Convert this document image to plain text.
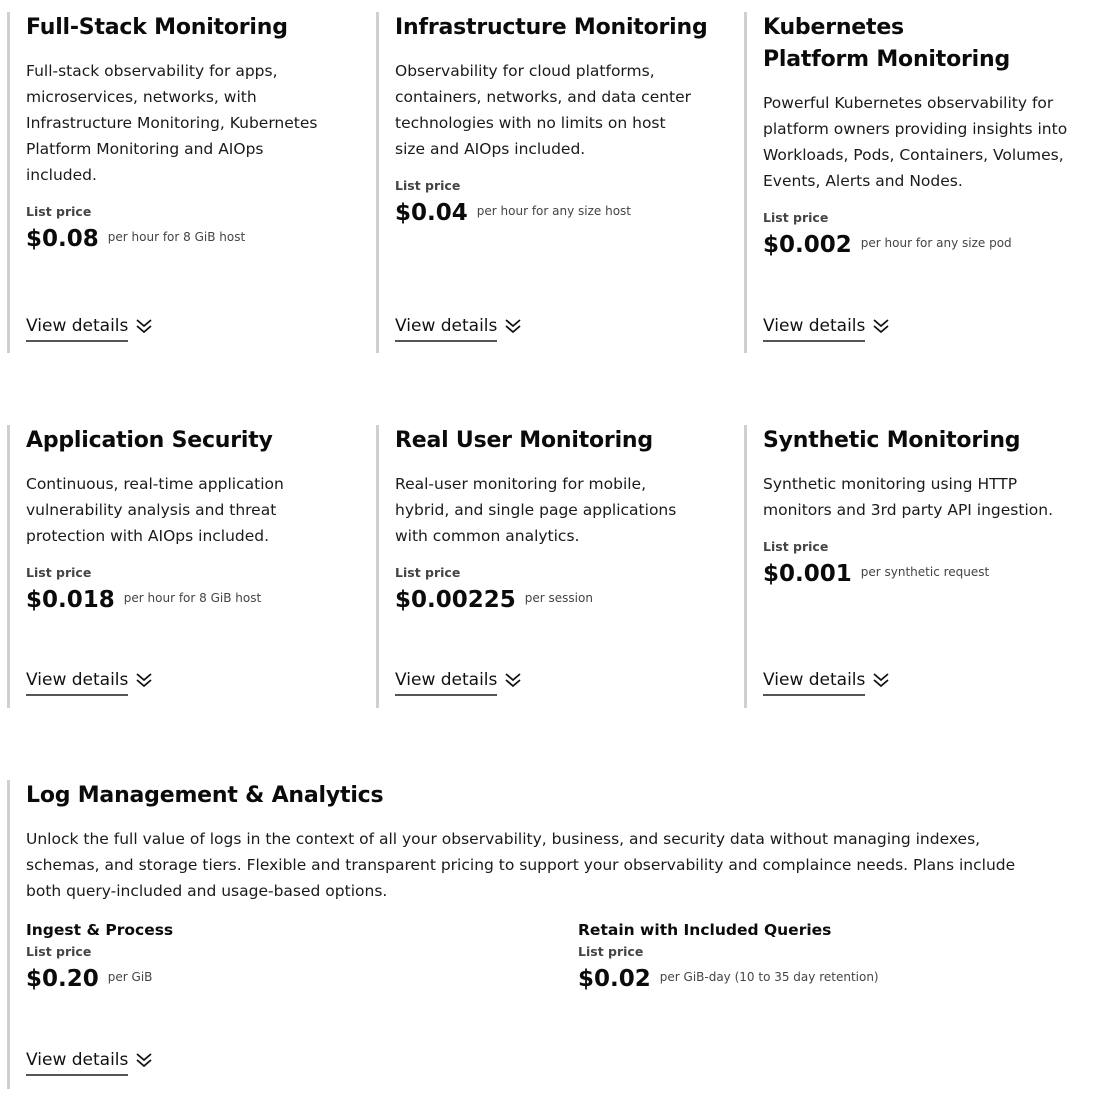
Full-Stack Monitoring

Full-stack observability for apps, microservices, networks, with Infrastructure Monitoring, Kubernetes Platform Monitoring and AIOps included.

List price
$0.08 per hour for 8 GiB host
View details
Infrastructure Monitoring

Observability for cloud platforms, containers, networks, and data center technologies with no limits on host size and AIOps included.

List price
$0.04 per hour for any size host
View details
Kubernetes
Platform Monitoring

Powerful Kubernetes observability for platform owners providing insights into Workloads, Pods, Containers, Volumes, Events, Alerts and Nodes.

List price
$0.002 per hour for any size pod
View details
Application Security

Continuous, real-time application vulnerability analysis and threat protection with AIOps included.

List price
$0.018 per hour for 8 GiB host
View details
Real User Monitoring

Real-user monitoring for mobile, hybrid, and single page applications with common analytics.

List price
$0.00225 per session
View details
Synthetic Monitoring

Synthetic monitoring using HTTP monitors and 3rd party API ingestion.

List price
$0.001 per synthetic request
View details
Log Management & Analytics

Unlock the full value of logs in the context of all your observability, business, and security data without managing indexes, schemas, and storage tiers. Flexible and transparent pricing to support your observability and complaince needs. Plans include both query-included and usage-based options.

Ingest & Process
List price
$0.20 per GiB
Retain with Included Queries
List price
$0.02 per GiB-day (10 to 35 day retention)
View details
